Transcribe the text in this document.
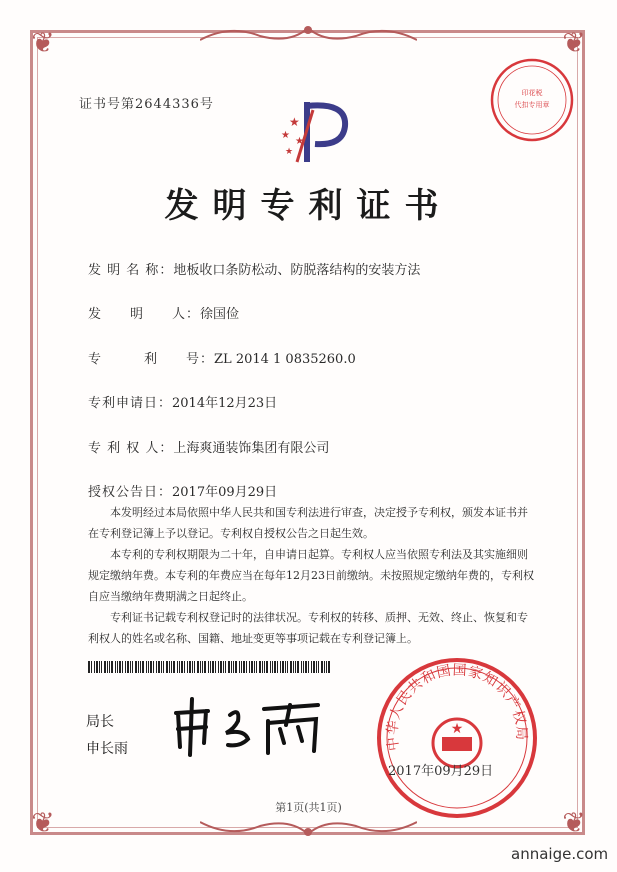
❦	❦
❦	❦
证书号第2644336号
★
★
★
★
发明专利证书
发 明 名 称：地板收口条防松动、防脱落结构的安装方法
发　　明　　人：徐国俭
专　　　利　　号：ZL 2014 1 0835260.0
专利申请日：2014年12月23日
专 利 权 人：上海爽通装饰集团有限公司
授权公告日：2017年09月29日

本发明经过本局依照中华人民共和国专利法进行审查，决定授予专利权，颁发本证书并在专利登记簿上予以登记。专利权自授权公告之日起生效。

本专利的专利权期限为二十年，自申请日起算。专利权人应当依照专利法及其实施细则规定缴纳年费。本专利的年费应当在每年12月23日前缴纳。未按照规定缴纳年费的，专利权自应当缴纳年费期满之日起终止。

专利证书记载专利权登记时的法律状况。专利权的转移、质押、无效、终止、恢复和专利权人的姓名或名称、国籍、地址变更等事项记载在专利登记簿上。

局长
申长雨
印花税
代扣专用章
中华人民共和国国家知识产权局
★
2017年09月29日
第1页(共1页)
annaige.com
